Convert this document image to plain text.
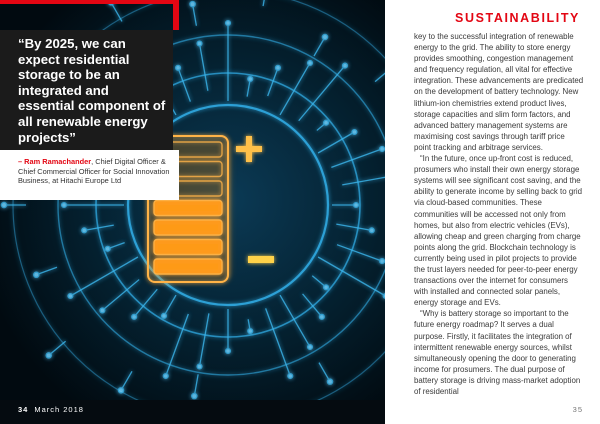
“By 2025, we can expect residential storage to be an integrated and essential component of all renewable energy projects”
– Ram Ramachander, Chief Digital Officer & Chief Commercial Officer for Social Innovation Business, at Hitachi Europe Ltd
34 March 2018
SUSTAINABILITY

key to the successful integration of renewable energy to the grid. The ability to store energy provides smoothing, congestion management and frequency regulation, all vital for effective integration. These advancements are predicated on the development of battery technology. New lithium-ion chemistries extend product lives, storage capacities and slim form factors, and advanced battery management systems are maximising cost savings through tariff price point tracking and arbitrage services.

“In the future, once up-front cost is reduced, prosumers who install their own energy storage systems will see significant cost saving, and the ability to generate income by selling back to grid via cloud-based communities. These communities will be accessed not only from homes, but also from electric vehicles (EVs), allowing cheap and green charging from charge points along the grid. Blockchain technology is currently being used in pilot projects to provide the trust layers needed for peer-to-peer energy transactions over the internet for consumers with installed and connected solar panels, energy storage and EVs.

“Why is battery storage so important to the future energy roadmap? It serves a dual purpose. Firstly, it facilitates the integration of intermittent renewable energy sources, whilst simultaneously opening the door to generating income for prosumers. The dual purpose of battery storage is driving mass-market adoption of residential

35
